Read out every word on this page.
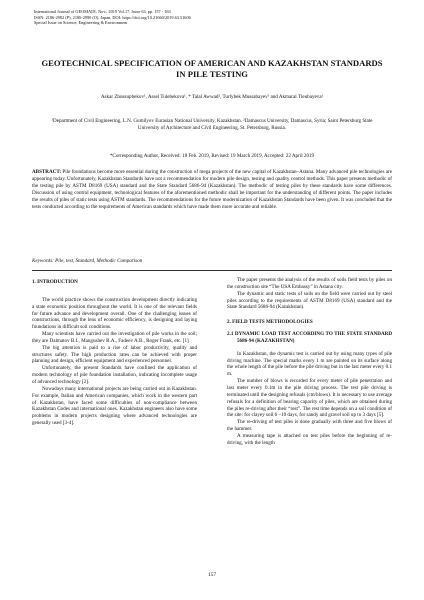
International Journal of GEOMATE, Nov., 2019 Vol.17, Issue 63, pp. 157 - 163
ISSN: 2186-2982 (P), 2186-2990 (O), Japan, DOI: https://doi.org/10.21660/2019.63.51606
Special Issue on Science, Engineering & Environment
GEOTECHNICAL SPECIFICATION OF AMERICAN AND KAZAKHSTAN STANDARDS IN PILE TESTING
Askar Zhussupbekov¹, Assel Tulebekova¹, * Talal Awwad², Turlybek Mussabayev¹ and Akmaral Tleubayeva¹
¹Department of Civil Engineering, L.N. Gumilyov Eurasian National University, Kazakhstan. ²Damascus University, Damascus, Syria; Saint Petersburg State University of Architecture and Civil Engineering, St. Petersburg, Russia.
*Corresponding Author, Received: 18 Feb. 2019, Revised: 19 March 2019, Accepted: 22 April 2019
ABSTRACT: Pile foundations become more essential during the construction of mega projects of the new capital of Kazakhstan–Astana. Many advanced pile technologies are appearing today. Unfortunately, Kazakhstan Standards have not a recommendation for modern pile design, testing and quality control methods. This paper presents methodic of the testing pile by ASTM D8169 (USA) standard and the State Standard 5686-94 (Kazakhstan). The methodic of testing piles by these standards have some differences. Discussion of using control equipment, technological features of the aforementioned methodic shall be important for the understanding of different points. The paper includes the results of piles of static tests using ASTM standards. The recommendations for the future modernization of Kazakhstan Standards have been given. It was concluded that the tests conducted according to the requirements of American standards which have made them more accurate and reliable.
Keywords: Pile, test, Standard, Methodic Comparison
1. INTRODUCTION

The world practice shows the construction development directly indicating a state economic position throughout the world. It is one of the relevant fields for future advance and development overall. One of the challenging issues of constructions, through the lens of economic efficiency, is designing and laying foundations in difficult soil conditions.

Many scientists have carried out the investigation of pile works in the soil; they are Dalmatov B.I., Mangushev R.A., Fadeev A.B., Roger Frank, etc. [1]

The big attention is paid to a rise of labor productivity, quality and structures safety. The high production rates can be achieved with proper planning and design, efficient equipment and experienced personnel.

Unfortunately, the present Standards have confined the application of modern technology of pile foundation installation, indicating incomplete usage of advanced technology [2].

Nowadays many international projects are being carried out in Kazakhstan. For example, Italian and American companies, which work in the western part of Kazakhstan, have faced some difficulties of non-compliance between Kazakhstan Codes and international ones. Kazakhstan engineers also have some problems in modern projects designing where advanced technologies are generally used [3-4].

The paper presents the analysis of the results of soils field tests by piles on the construction site “The USA Embassy” in Astana city.

The dynamic and static tests of soils on the field were carried out by steel piles according to the requirements of ASTM D8169 (USA) standard and the State Standard 5686-94 (Kazakhstan).

2. FIELD TESTS METHODOLOGIES
2.1 DYNAMIC LOAD TEST ACCORDING TO THE STATE STANDARD 5686-94 (KAZAKHSTAN)

In Kazakhstan, the dynamic test is carried out by using many types of pile driving machine. The special marks every 1 m are painted on its surface along the whole length of the pile before the pile driving but in the last meter every 0.1 m.

The number of blows is recorded for every meter of pile penetration and last meter every 0.1m in the pile driving process. The test pile driving is terminated until the designing refusals (cm/blows). It is necessary to use average refusals for a definition of bearing capacity of piles, which are obtained during the piles re-driving after their “rest”. The rest time depends on a soil condition of the site: for clayey soil 6 –10 days, for sandy and gravel soil up to 3 days [5].

The re-driving of test piles is done gradually with three and five blows of the hammer.

A measuring tape is attached on test piles before the beginning of re-driving, with the length

157
